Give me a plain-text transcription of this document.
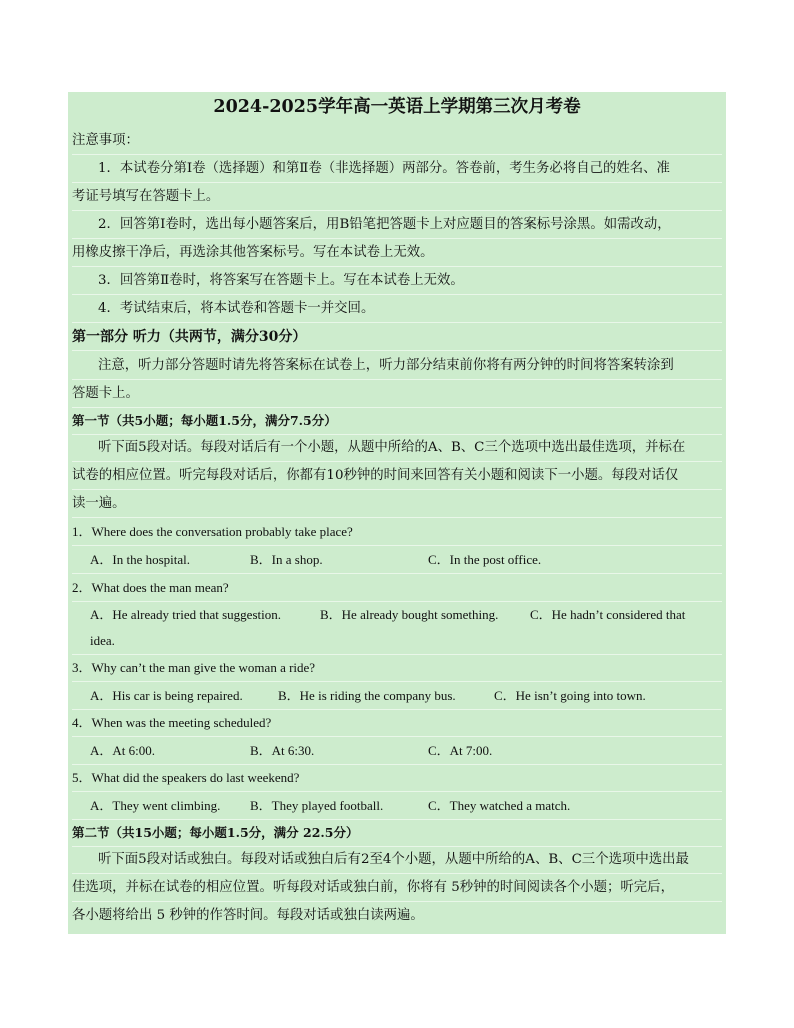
2024-2025学年高一英语上学期第三次月考卷
注意事项：
1．本试卷分第Ⅰ卷（选择题）和第Ⅱ卷（非选择题）两部分。答卷前，考生务必将自己的姓名、准
考证号填写在答题卡上。
2．回答第Ⅰ卷时，选出每小题答案后，用B铅笔把答题卡上对应题目的答案标号涂黑。如需改动，
用橡皮擦干净后，再选涂其他答案标号。写在本试卷上无效。
3．回答第Ⅱ卷时，将答案写在答题卡上。写在本试卷上无效。
4．考试结束后，将本试卷和答题卡一并交回。
第一部分 听力（共两节，满分30分）
注意，听力部分答题时请先将答案标在试卷上，听力部分结束前你将有两分钟的时间将答案转涂到
答题卡上。
第一节（共5小题；每小题1.5分，满分7.5分）
听下面5段对话。每段对话后有一个小题，从题中所给的A、B、C三个选项中选出最佳选项，并标在
试卷的相应位置。听完每段对话后，你都有10秒钟的时间来回答有关小题和阅读下一小题。每段对话仅
读一遍。
1．Where does the conversation probably take place?
A．In the hospital.	B．In a shop.	C．In the post office.
2．What does the man mean?
A．He already tried that suggestion.	B．He already bought something. C．He hadn’t considered that
idea.
3．Why can’t the man give the woman a ride?
A．His car is being repaired.	B．He is riding the company bus.	C．He isn’t going into town.
4．When was the meeting scheduled?
A．At 6:00.	B．At 6:30.	C．At 7:00.
5．What did the speakers do last weekend?
A．They went climbing. B．They played football.	C．They watched a match.
第二节（共15小题；每小题1.5分，满分 22.5分）
听下面5段对话或独白。每段对话或独白后有2至4个小题，从题中所给的A、B、C三个选项中选出最
佳选项，并标在试卷的相应位置。听每段对话或独白前，你将有 5秒钟的时间阅读各个小题；听完后，
各小题将给出 5 秒钟的作答时间。每段对话或独白读两遍。
